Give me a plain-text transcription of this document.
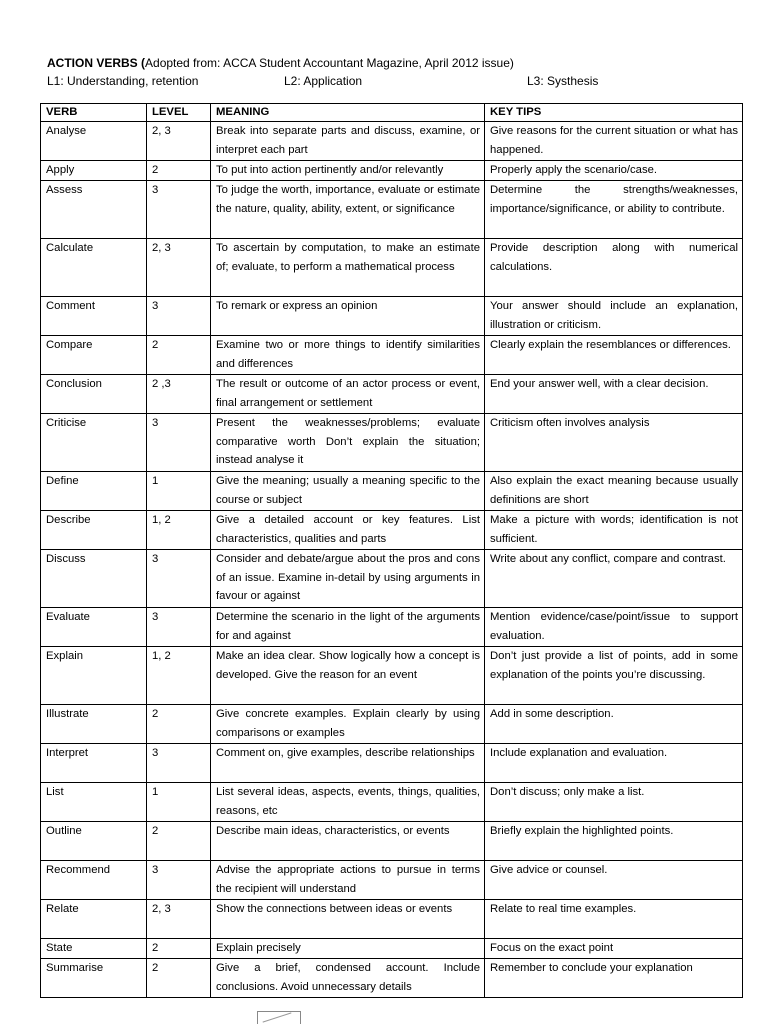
ACTION VERBS (Adopted from: ACCA Student Accountant Magazine, April 2012 issue)
L1: Understanding, retention	L2: Application	L3: Systhesis
VERB	LEVEL	MEANING	KEY TIPS
Analyse	2, 3	Break into separate parts and discuss, examine, or interpret each part	Give reasons for the current situation or what has happened.
Apply	2	To put into action pertinently and/or relevantly	Properly apply the scenario/case.
Assess	3	To judge the worth, importance, evaluate or estimate the nature, quality, ability, extent, or significance	Determine the strengths/weaknesses, importance/significance, or ability to contribute.
Calculate	2, 3	To ascertain by computation, to make an estimate of; evaluate, to perform a mathematical process	Provide description along with numerical calculations.
Comment	3	To remark or express an opinion	Your answer should include an explanation, illustration or criticism.
Compare	2	Examine two or more things to identify similarities and differences	Clearly explain the resemblances or differences.
Conclusion	2 ,3	The result or outcome of an actor process or event, final arrangement or settlement	End your answer well, with a clear decision.
Criticise	3	Present the weaknesses/problems; evaluate comparative worth Don’t explain the situation; instead analyse it	Criticism often involves analysis
Define	1	Give the meaning; usually a meaning specific to the course or subject	Also explain the exact meaning because usually definitions are short
Describe	1, 2	Give a detailed account or key features. List characteristics, qualities and parts	Make a picture with words; identification is not sufficient.
Discuss	3	Consider and debate/argue about the pros and cons of an issue. Examine in-detail by using arguments in favour or against	Write about any conflict, compare and contrast.
Evaluate	3	Determine the scenario in the light of the arguments for and against	Mention evidence/case/point/issue to support evaluation.
Explain	1, 2	Make an idea clear. Show logically how a concept is developed. Give the reason for an event	Don’t just provide a list of points, add in some explanation of the points you’re discussing.
Illustrate	2	Give concrete examples. Explain clearly by using comparisons or examples	Add in some description.
Interpret	3	Comment on, give examples, describe relationships	Include explanation and evaluation.
List	1	List several ideas, aspects, events, things, qualities, reasons, etc	Don’t discuss; only make a list.
Outline	2	Describe main ideas, characteristics, or events	Briefly explain the highlighted points.
Recommend	3	Advise the appropriate actions to pursue in terms the recipient will understand	Give advice or counsel.
Relate	2, 3	Show the connections between ideas or events	Relate to real time examples.
State	2	Explain precisely	Focus on the exact point
Summarise	2	Give a brief, condensed account. Include conclusions. Avoid unnecessary details	Remember to conclude your explanation
